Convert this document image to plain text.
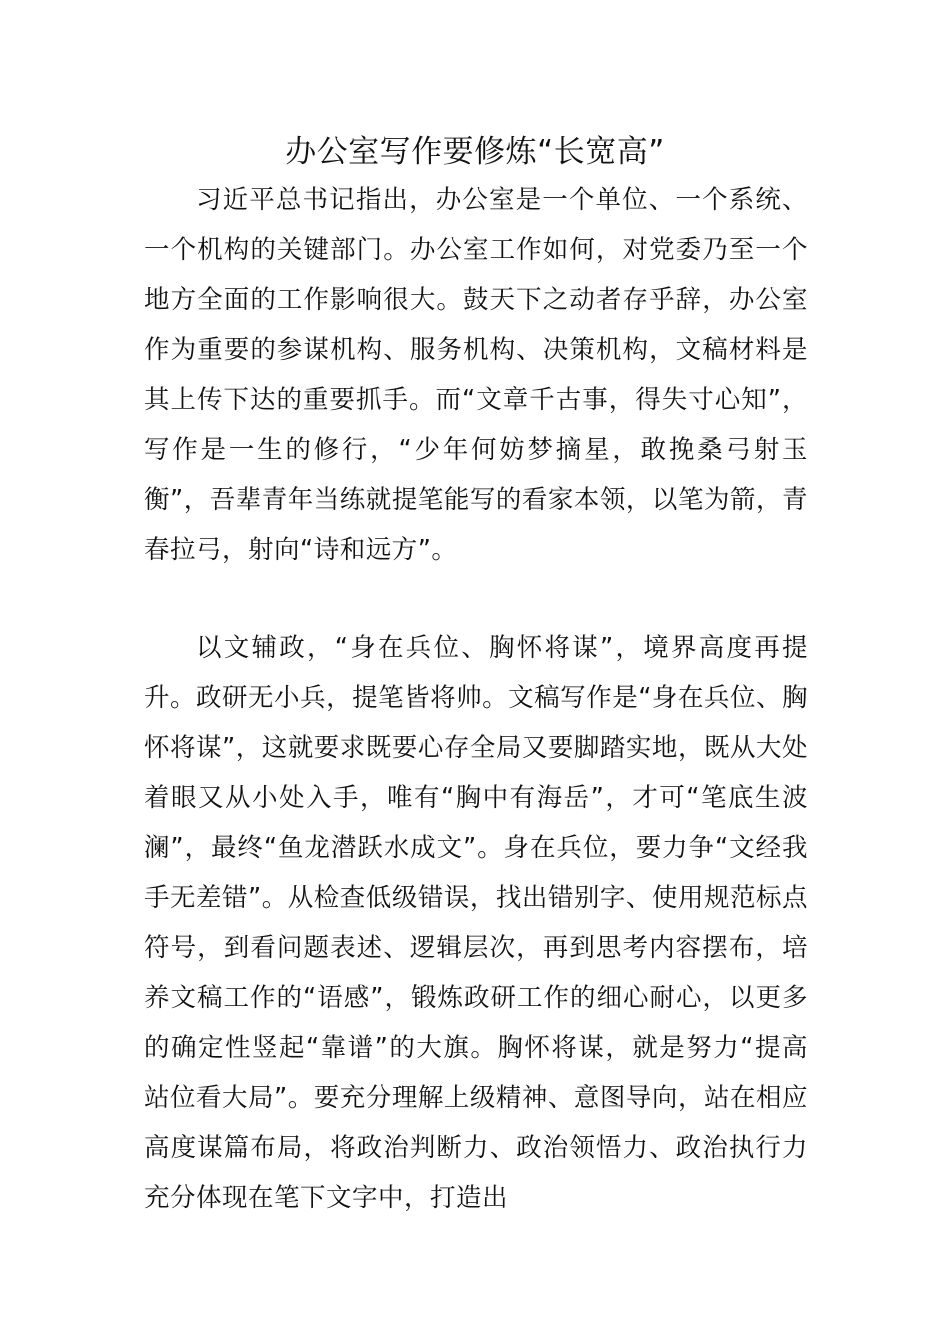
办公室写作要修炼“长宽高”

习近平总书记指出，办公室是一个单位、一个系统、一个机构的关键部门。办公室工作如何，对党委乃至一个地方全面的工作影响很大。鼓天下之动者存乎辞，办公室作为重要的参谋机构、服务机构、决策机构，文稿材料是其上传下达的重要抓手。而“文章千古事，得失寸心知”，写作是一生的修行，“少年何妨梦摘星，敢挽桑弓射玉衡”，吾辈青年当练就提笔能写的看家本领，以笔为箭，青春拉弓，射向“诗和远方”。

以文辅政，“身在兵位、胸怀将谋”，境界高度再提升。政研无小兵，提笔皆将帅。文稿写作是“身在兵位、胸怀将谋”，这就要求既要心存全局又要脚踏实地，既从大处着眼又从小处入手，唯有“胸中有海岳”，才可“笔底生波澜”，最终“鱼龙潜跃水成文”。身在兵位，要力争“文经我手无差错”。从检查低级错误，找出错别字、使用规范标点符号，到看问题表述、逻辑层次，再到思考内容摆布，培养文稿工作的“语感”，锻炼政研工作的细心耐心，以更多的确定性竖起“靠谱”的大旗。胸怀将谋，就是努力“提高站位看大局”。要充分理解上级精神、意图导向，站在相应高度谋篇布局，将政治判断力、政治领悟力、政治执行力充分体现在笔下文字中，打造出
